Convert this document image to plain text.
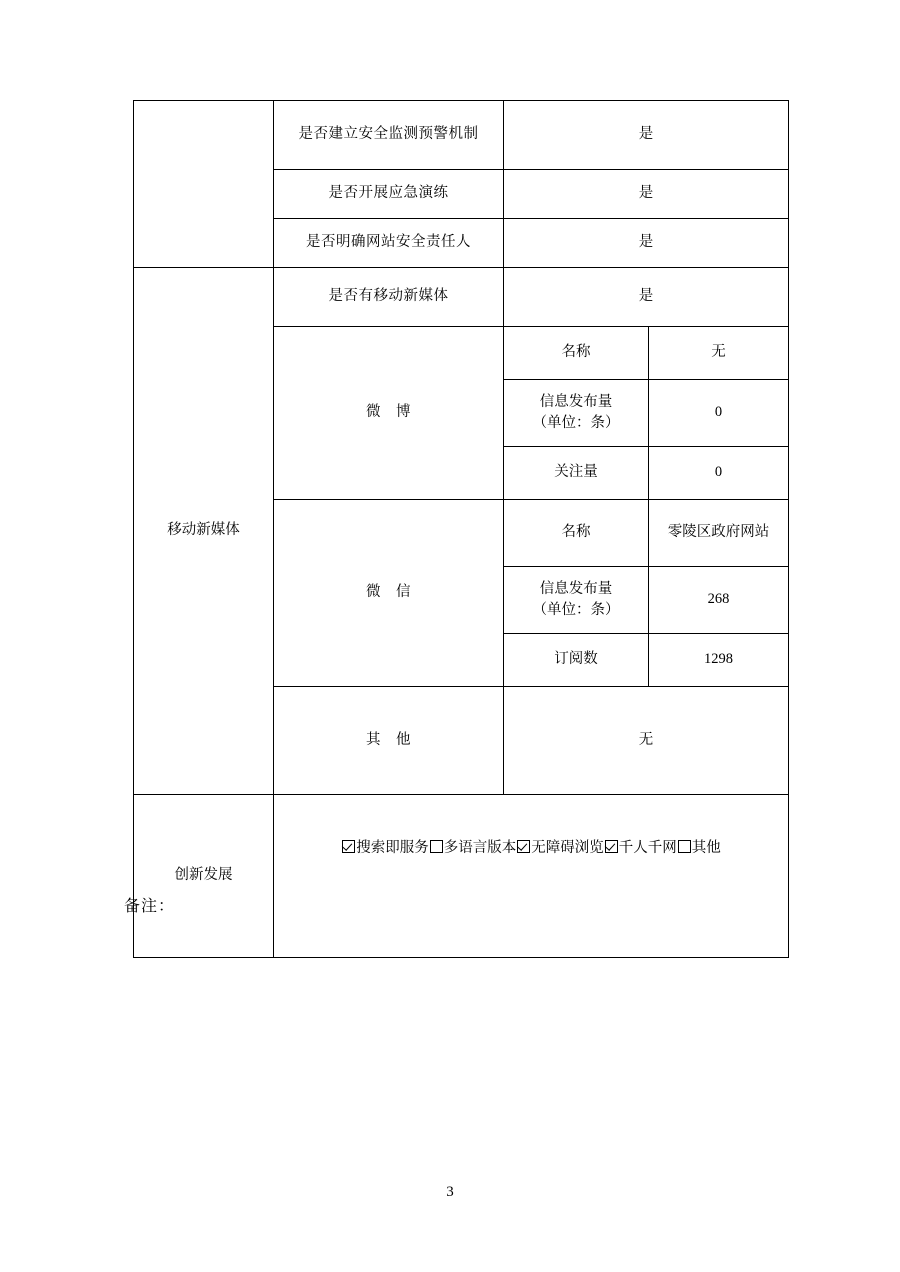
	是否建立安全监测预警机制	是	
	是否开展应急演练	是	
	是否明确网站安全责任人	是	
移动新媒体	是否有移动新媒体	是	
	微　博	名称	无
		信息发布量
（单位：条）	0
		关注量	0
	微　信	名称	零陵区政府网站
		信息发布量
（单位：条）	268
		订阅数	1298
	其　他	无	
创新发展	搜索即服务 多语言版本 无障碍浏览 千人千网 其他		
备注：
3
